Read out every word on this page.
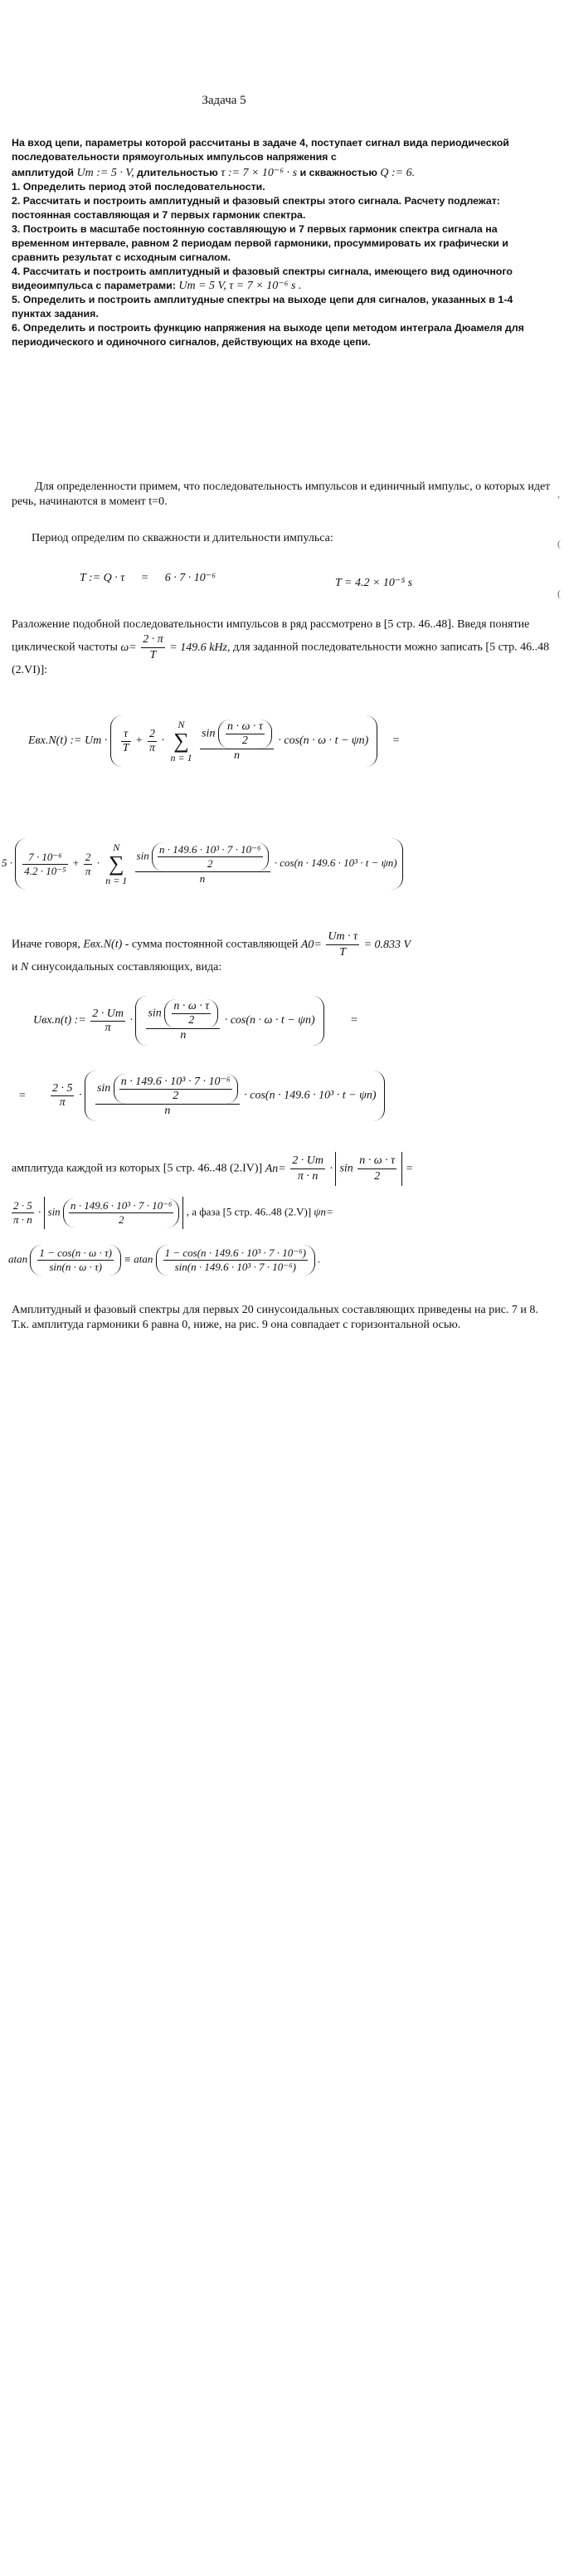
Задача 5

На вход цепи, параметры которой рассчитаны в задаче 4, поступает сигнал вида периодической последовательности прямоугольных импульсов напряжения с

амплитудой Um := 5 · V, длительностью τ := 7 × 10⁻⁶ · s и скважностью Q := 6.

1. Определить период этой последовательности.

2. Рассчитать и построить амплитудный и фазовый спектры этого сигнала. Расчету подлежат: постоянная составляющая и 7 первых гармоник спектра.

3. Построить в масштабе постоянную составляющую и 7 первых гармоник спектра сигнала на временном интервале, равном 2 периодам первой гармоники, просуммировать их графически и сравнить результат с исходным сигналом.

4. Рассчитать и построить амплитудный и фазовый спектры сигнала, имеющего вид одиночного видеоимпульса с параметрами: Um = 5 V, τ = 7 × 10⁻⁶ s .

5. Определить и построить амплитудные спектры на выходе цепи для сигналов, указанных в 1-4 пунктах задания.

6. Определить и построить функцию напряжения на выходе цепи методом интеграла Дюамеля для периодического и одиночного сигналов, действующих на входе цепи.

,
(
(
Для определенности примем, что последовательность импульсов и единичный импульс, о которых идет речь, начинаются в момент t=0.
Период определим по скважности и длительности импульса:
T := Q · τ = 6 · 7 · 10⁻⁶	T = 4.2 × 10⁻⁵ s
Разложение подобной последовательности импульсов в ряд рассмотрено в [5 стр. 46..48]. Введя понятие циклической частоты $\omega= \frac{2 \cdot \pi}{T} = 149.6$ kHz, для заданной последовательности можно записать [5 стр. 46..48 (2.VI)]:
Eвх.N(t) := $Um \cdot \frac{\tau}{T} + \frac{2}{\pi} \cdot N$
∑
$n = 1 \frac{\sin \frac{n \cdot \omega \cdot \tau}{2}}{n} \cdot \cos(n \cdot \omega \cdot t - \psi n)$ =
$5 \cdot \frac{\text{7 · 10⁻⁶}}{\text{4.2 · 10⁻⁵}} + \frac{2}{\pi} \cdot N$
∑
$n = 1 \frac{\sin \frac{\text{n · 149.6 · 10³ · 7 · 10⁻⁶}}{2}}{n} \cdot \cos(n \cdot 149.6 \cdot 10^3 \cdot t - \psi n)$
Иначе говоря, Eвх.N(t) - сумма постоянной составляющей $A0= \frac{Um \cdot \tau}{T} = 0.833$ V
и N синусоидальных составляющих, вида:
Uвх.n(t) := $\frac{2 \cdot Um}{\pi} \cdot \frac{\sin \frac{n \cdot \omega \cdot \tau}{2}}{n} \cdot \cos(n \cdot \omega \cdot t - \psi n)$	=
= $\frac{2 \cdot 5}{\pi} \cdot \frac{\sin \frac{\text{n · 149.6 · 10³ · 7 · 10⁻⁶}}{2}}{n} \cdot \cos(n \cdot 149.6 \cdot 10^3 \cdot t - \psi n)$
амплитуда каждой из которых [5 стр. 46..48 (2.IV)] $An= \frac{2 \cdot Um}{\pi \cdot n} \cdot \sin \frac{n \cdot \omega \cdot \tau}{2}$ =
$\frac{2 \cdot 5}{\pi \cdot n} \cdot \sin \frac{\text{n · 149.6 · 10³ · 7 · 10⁻⁶}}{2}$ , а фаза [5 стр. 46..48 (2.V)] ψn=
atan $\frac{1 - \cos(n \cdot \omega \cdot \tau)}{\sin(n \cdot \omega \cdot \tau)} \equiv atan \frac{\text{1 − cos(n · 149.6 · 10³ · 7 · 10⁻⁶)}}{\text{sin(n · 149.6 · 10³ · 7 · 10⁻⁶)}}$ .
Амплитудный и фазовый спектры для первых 20 синусоидальных составляющих приведены на рис. 7 и 8. Т.к. амплитуда гармоники 6 равна 0, ниже, на рис. 9 она совпадает с горизонтальной осью.
